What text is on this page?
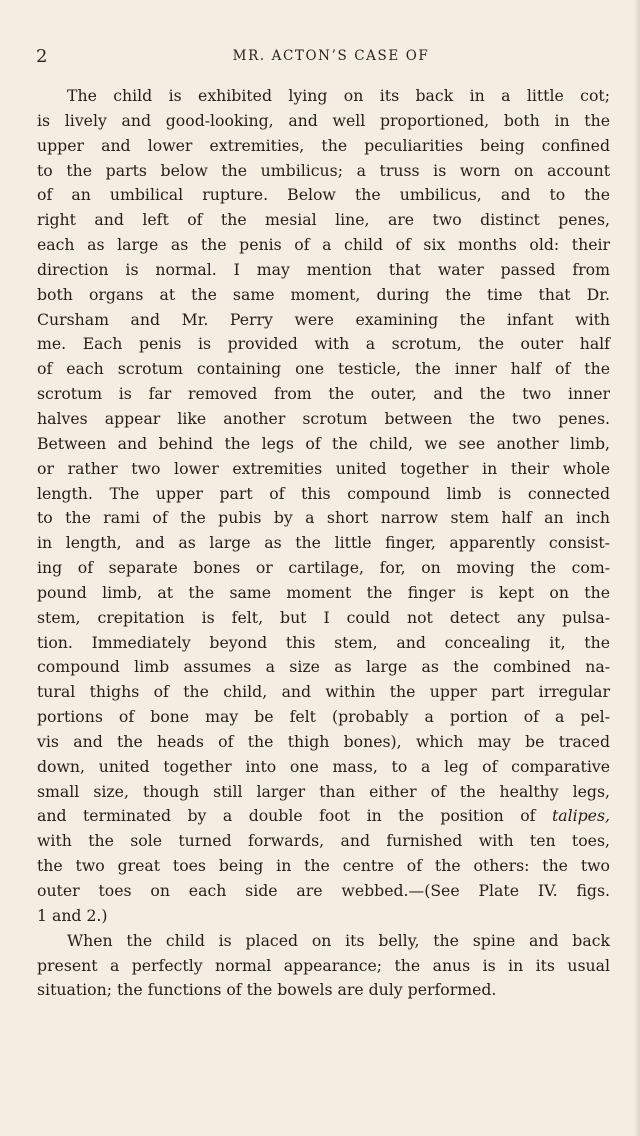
2	MR. ACTON’S CASE OF

The child is exhibited lying on its back in a little cot;
is lively and good-looking, and well proportioned, both in the
upper and lower extremities, the peculiarities being confined
to the parts below the umbilicus; a truss is worn on account
of an umbilical rupture. Below the umbilicus, and to the
right and left of the mesial line, are two distinct penes,
each as large as the penis of a child of six months old: their
direction is normal. I may mention that water passed from
both organs at the same moment, during the time that Dr.
Cursham and Mr. Perry were examining the infant with
me. Each penis is provided with a scrotum, the outer half
of each scrotum containing one testicle, the inner half of the
scrotum is far removed from the outer, and the two inner
halves appear like another scrotum between the two penes.
Between and behind the legs of the child, we see another limb,
or rather two lower extremities united together in their whole
length. The upper part of this compound limb is connected
to the rami of the pubis by a short narrow stem half an inch
in length, and as large as the little finger, apparently consist-
ing of separate bones or cartilage, for, on moving the com-
pound limb, at the same moment the finger is kept on the
stem, crepitation is felt, but I could not detect any pulsa-
tion. Immediately beyond this stem, and concealing it, the
compound limb assumes a size as large as the combined na-
tural thighs of the child, and within the upper part irregular
portions of bone may be felt (probably a portion of a pel-
vis and the heads of the thigh bones), which may be traced
down, united together into one mass, to a leg of comparative
small size, though still larger than either of the healthy legs,
and terminated by a double foot in the position of talipes,
with the sole turned forwards, and furnished with ten toes,
the two great toes being in the centre of the others: the two
outer toes on each side are webbed.—(See Plate IV. figs.
1 and 2.)

When the child is placed on its belly, the spine and back
present a perfectly normal appearance; the anus is in its usual
situation; the functions of the bowels are duly performed.
